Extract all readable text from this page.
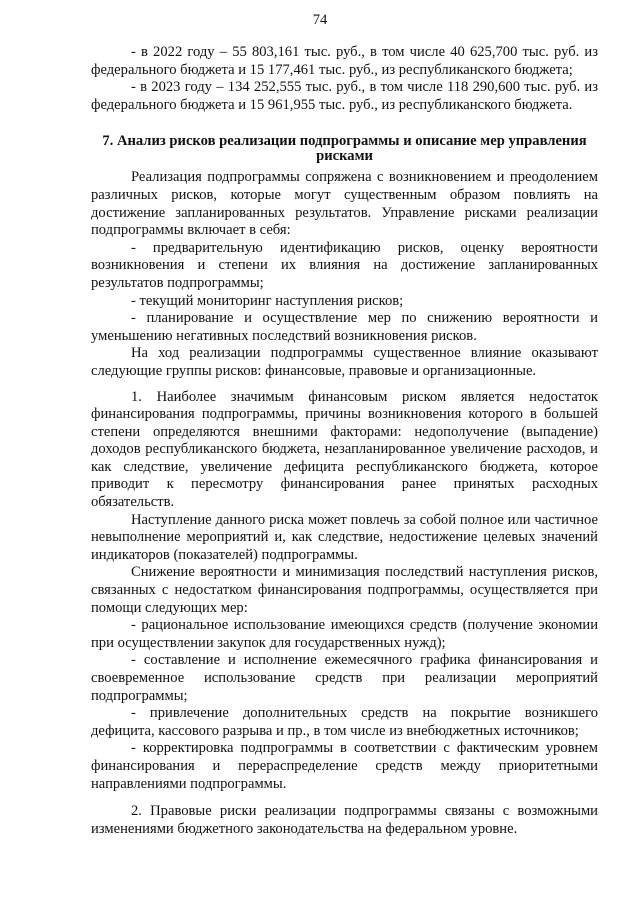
74

- в 2022 году – 55 803,161 тыс. руб., в том числе 40 625,700 тыс. руб. из федерального бюджета и 15 177,461 тыс. руб., из республиканского бюджета;

- в 2023 году – 134 252,555 тыс. руб., в том числе 118 290,600 тыс. руб. из федерального бюджета и 15 961,955 тыс. руб., из республиканского бюджета.

7. Анализ рисков реализации подпрограммы и описание мер управления рисками

Реализация подпрограммы сопряжена с возникновением и преодолением различных рисков, которые могут существенным образом повлиять на достижение запланированных результатов. Управление рисками реализации подпрограммы включает в себя:

- предварительную идентификацию рисков, оценку вероятности возникновения и степени их влияния на достижение запланированных результатов подпрограммы;

- текущий мониторинг наступления рисков;

- планирование и осуществление мер по снижению вероятности и уменьшению негативных последствий возникновения рисков.

На ход реализации подпрограммы существенное влияние оказывают следующие группы рисков: финансовые, правовые и организационные.

1. Наиболее значимым финансовым риском является недостаток финансирования подпрограммы, причины возникновения которого в большей степени определяются внешними факторами: недополучение (выпадение) доходов республиканского бюджета, незапланированное увеличение расходов, и как следствие, увеличение дефицита республиканского бюджета, которое приводит к пересмотру финансирования ранее принятых расходных обязательств.

Наступление данного риска может повлечь за собой полное или частичное невыполнение мероприятий и, как следствие, недостижение целевых значений индикаторов (показателей) подпрограммы.

Снижение вероятности и минимизация последствий наступления рисков, связанных с недостатком финансирования подпрограммы, осуществляется при помощи следующих мер:

- рациональное использование имеющихся средств (получение экономии при осуществлении закупок для государственных нужд);

- составление и исполнение ежемесячного графика финансирования и своевременное использование средств при реализации мероприятий подпрограммы;

- привлечение дополнительных средств на покрытие возникшего дефицита, кассового разрыва и пр., в том числе из внебюджетных источников;

- корректировка подпрограммы в соответствии с фактическим уровнем финансирования и перераспределение средств между приоритетными направлениями подпрограммы.

2. Правовые риски реализации подпрограммы связаны с возможными изменениями бюджетного законодательства на федеральном уровне.
